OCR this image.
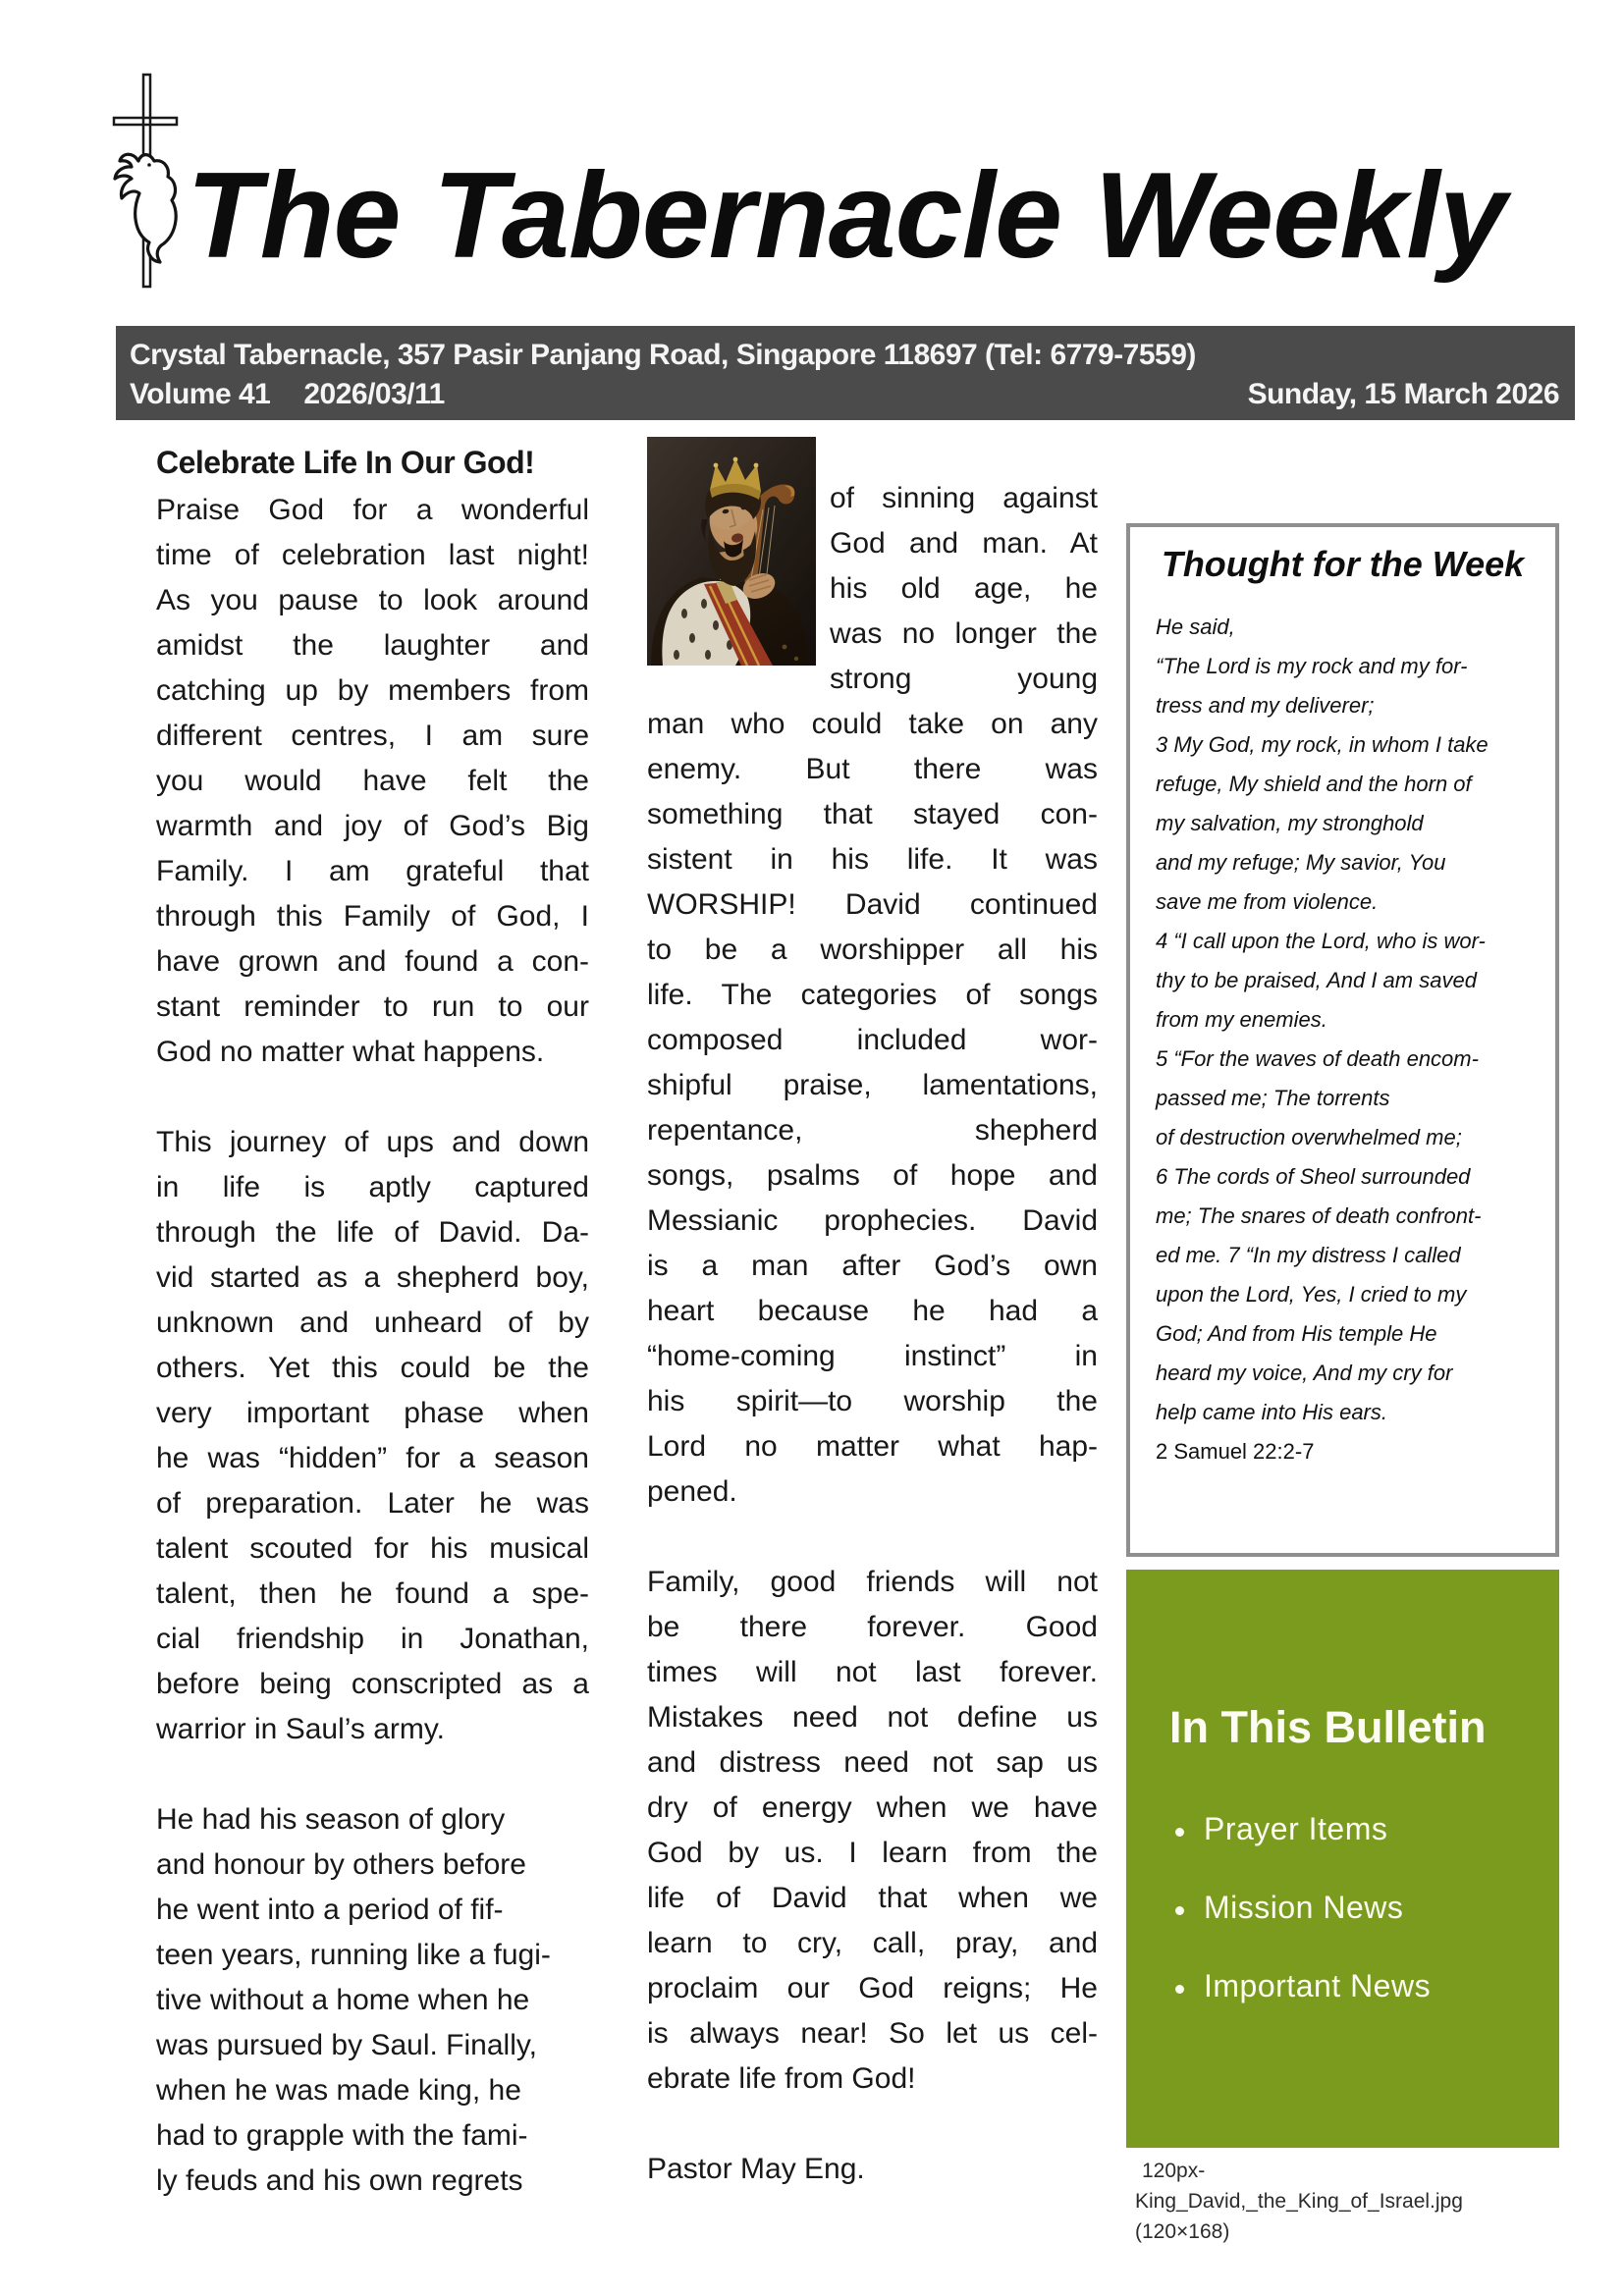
The Tabernacle Weekly
Crystal Tabernacle, 357 Pasir Panjang Road, Singapore 118697 (Tel: 6779-7559)
Volume 41 2026/03/11	Sunday, 15 March 2026
Celebrate Life In Our God!
Praise God for a wonderful
time of celebration last night!
As you pause to look around
amidst the laughter and
catching up by members from
different centres, I am sure
you would have felt the
warmth and joy of God’s Big
Family. I am grateful that
through this Family of God, I
have grown and found a con-
stant reminder to run to our
God no matter what happens.
This journey of ups and down
in life is aptly captured
through the life of David. Da-
vid started as a shepherd boy,
unknown and unheard of by
others. Yet this could be the
very important phase when
he was “hidden” for a season
of preparation. Later he was
talent scouted for his musical
talent, then he found a spe-
cial friendship in Jonathan,
before being conscripted as a
warrior in Saul’s army.
He had his season of glory
and honour by others before
he went into a period of fif-
teen years, running like a fugi-
tive without a home when he
was pursued by Saul. Finally,
when he was made king, he
had to grapple with the fami-
ly feuds and his own regrets
of sinning against
God and man. At
his old age, he
was no longer the
strong young
man who could take on any
enemy. But there was
something that stayed con-
sistent in his life. It was
WORSHIP! David continued
to be a worshipper all his
life. The categories of songs
composed included wor-
shipful praise, lamentations,
repentance, shepherd
songs, psalms of hope and
Messianic prophecies. David
is a man after God’s own
heart because he had a
“home-coming instinct” in
his spirit—to worship the
Lord no matter what hap-
pened.
Family, good friends will not
be there forever. Good
times will not last forever.
Mistakes need not define us
and distress need not sap us
dry of energy when we have
God by us. I learn from the
life of David that when we
learn to cry, call, pray, and
proclaim our God reigns; He
is always near! So let us cel-
ebrate life from God!
Pastor May Eng.
Thought for the Week
He said,
“The Lord is my rock and my for-
tress and my deliverer;
3 My God, my rock, in whom I take
refuge, My shield and the horn of
my salvation, my stronghold
and my refuge; My savior, You
save me from violence.
4 “I call upon the Lord, who is wor-
thy to be praised, And I am saved
from my enemies.
5 “For the waves of death encom-
passed me; The torrents
of destruction overwhelmed me;
6 The cords of Sheol surrounded
me; The snares of death confront-
ed me. 7 “In my distress I called
upon the Lord, Yes, I cried to my
God; And from His temple He
heard my voice, And my cry for
help came into His ears.
2 Samuel 22:2-7
In This Bulletin
Prayer Items
Mission News
Important News
120px-King_David,_the_King_of_Israel.jpg (120×168)
